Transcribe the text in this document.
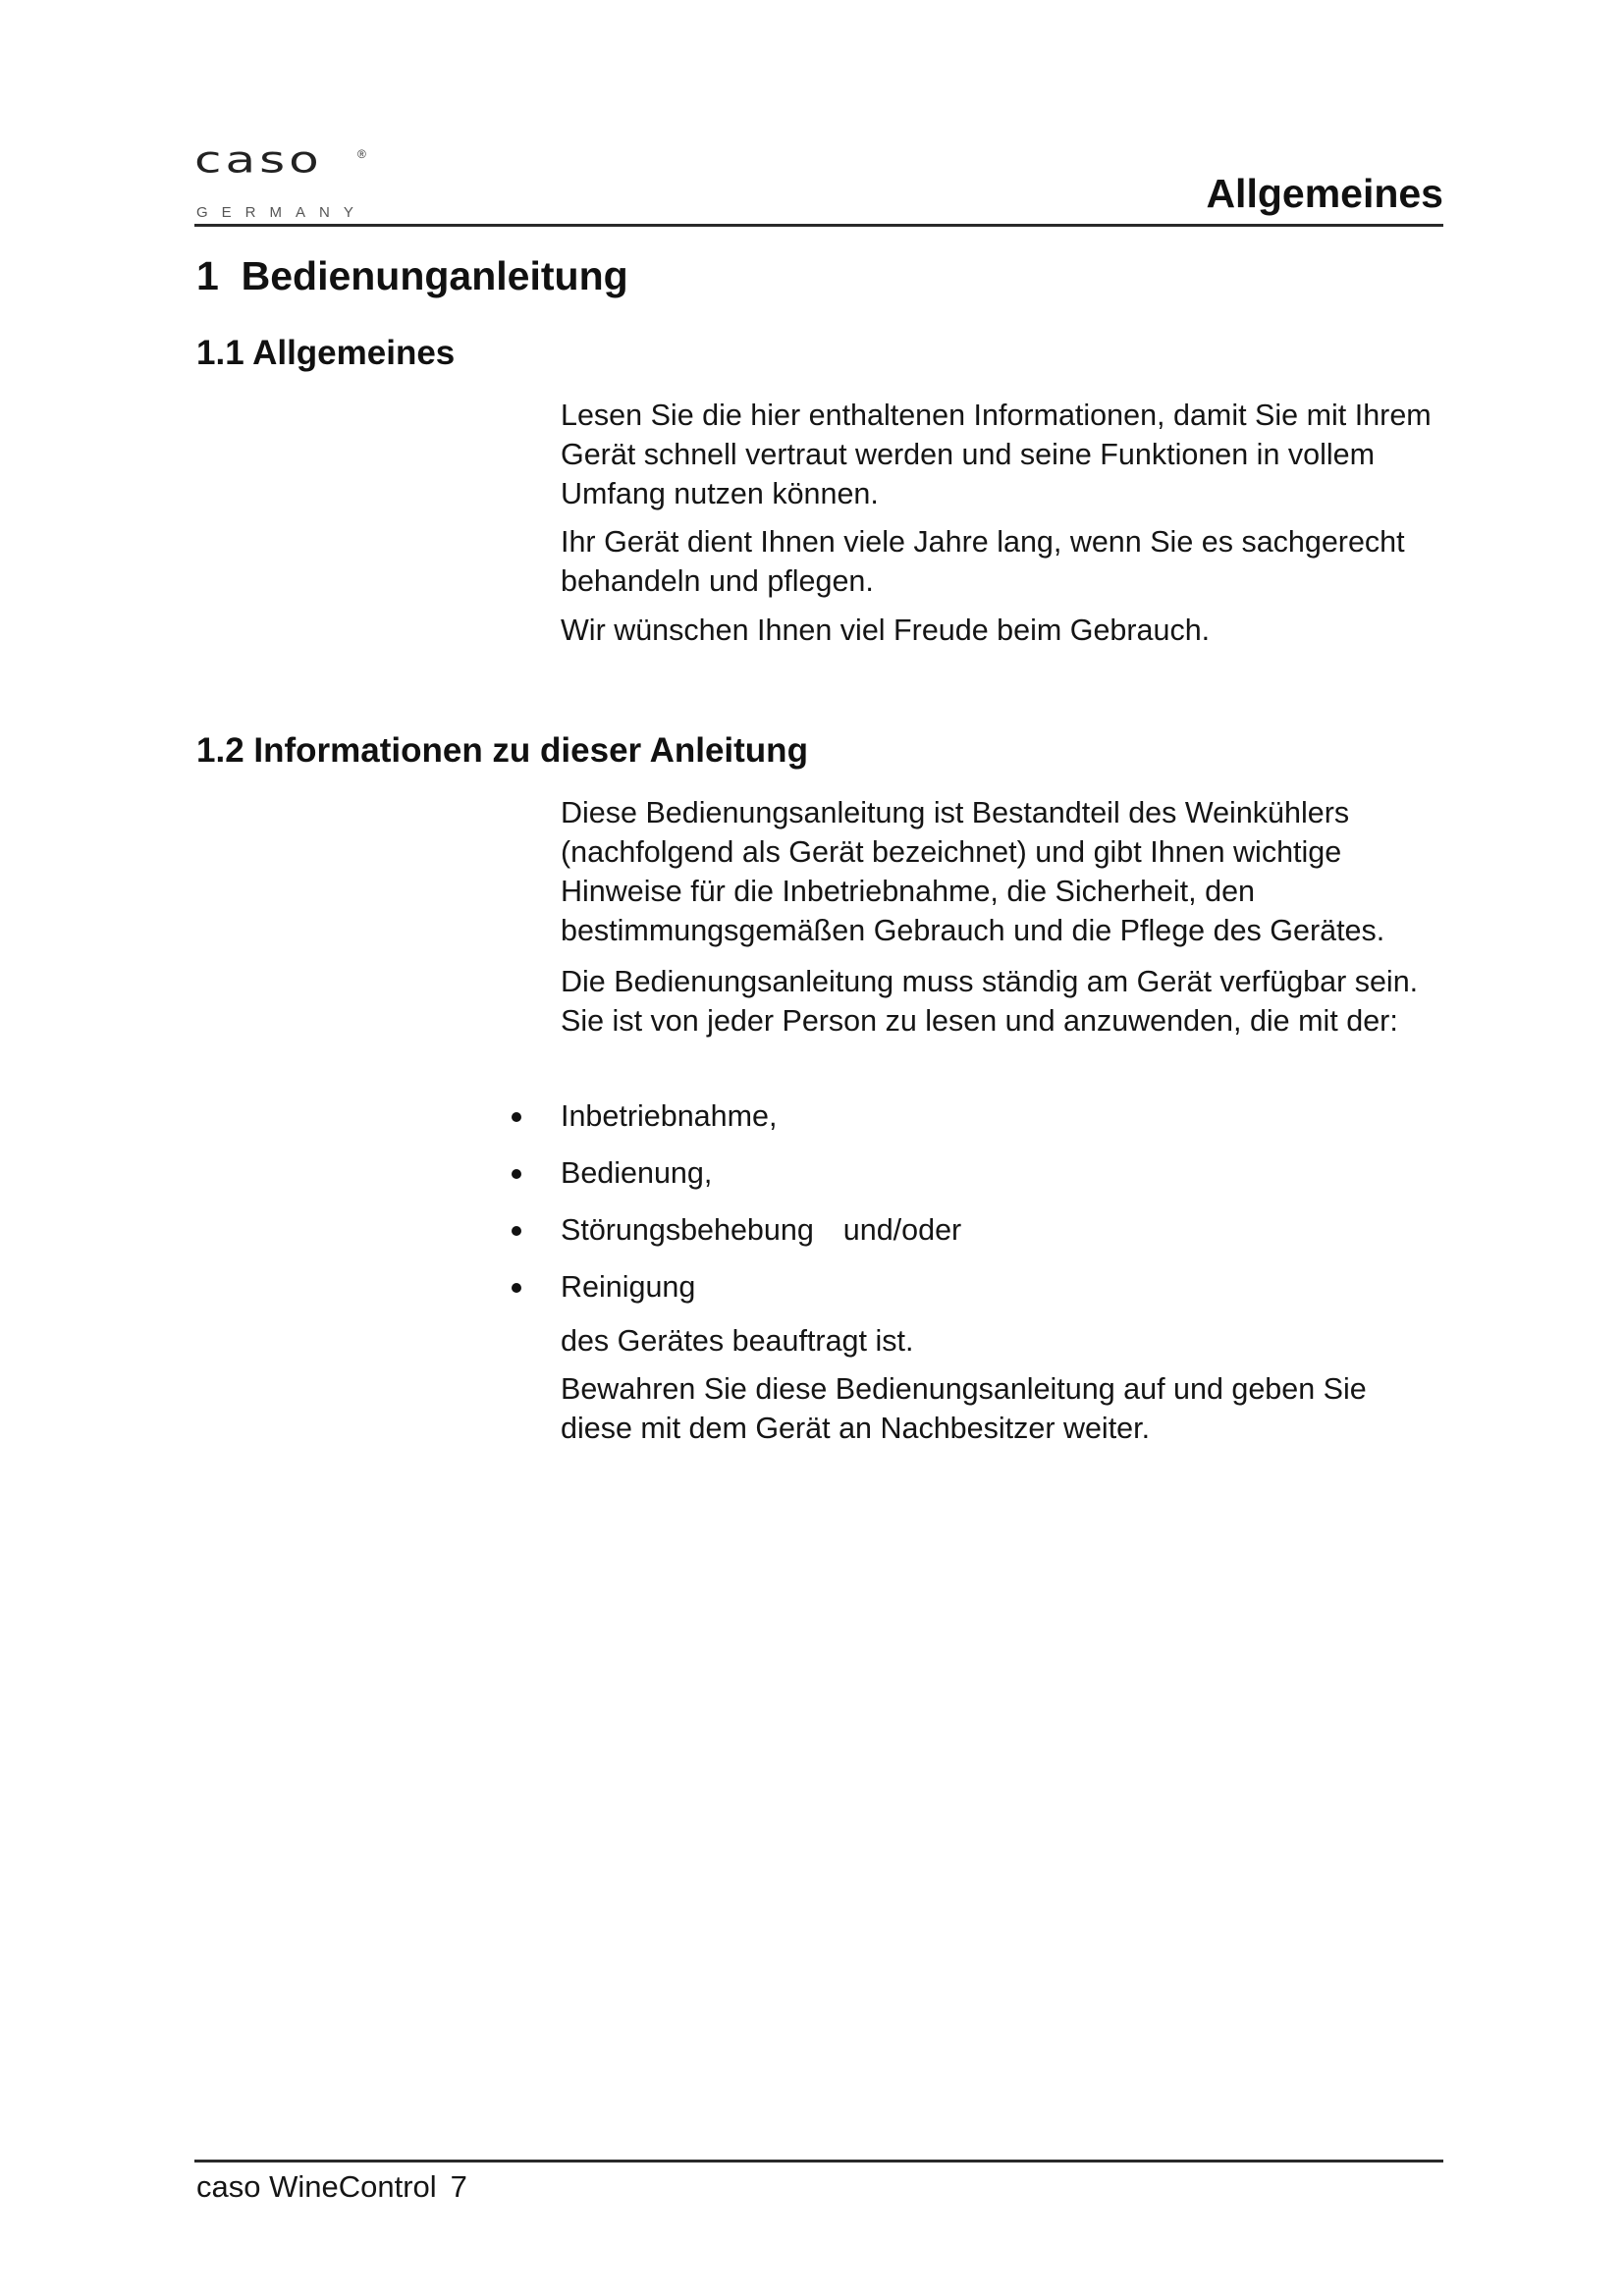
caso	®
GERMANY	Allgemeines
1 Bedienunganleitung
1.1 Allgemeines

Lesen Sie die hier enthaltenen Informationen, damit Sie mit Ihrem Gerät schnell vertraut werden und seine Funktionen in vollem Umfang nutzen können.

Ihr Gerät dient Ihnen viele Jahre lang, wenn Sie es sachgerecht behandeln und pflegen.

Wir wünschen Ihnen viel Freude beim Gebrauch.

1.2 Informationen zu dieser Anleitung

Diese Bedienungsanleitung ist Bestandteil des Weinkühlers (nachfolgend als Gerät bezeichnet) und gibt Ihnen wichtige Hinweise für die Inbetriebnahme, die Sicherheit, den bestimmungsgemäßen Gebrauch und die Pflege des Gerätes.

Die Bedienungsanleitung muss ständig am Gerät verfügbar sein. Sie ist von jeder Person zu lesen und anzuwenden, die mit der:

Inbetriebnahme,
Bedienung,
Störungsbehebung und/oder
Reinigung

des Gerätes beauftragt ist.

Bewahren Sie diese Bedienungsanleitung auf und geben Sie diese mit dem Gerät an Nachbesitzer weiter.

caso WineControl 7
